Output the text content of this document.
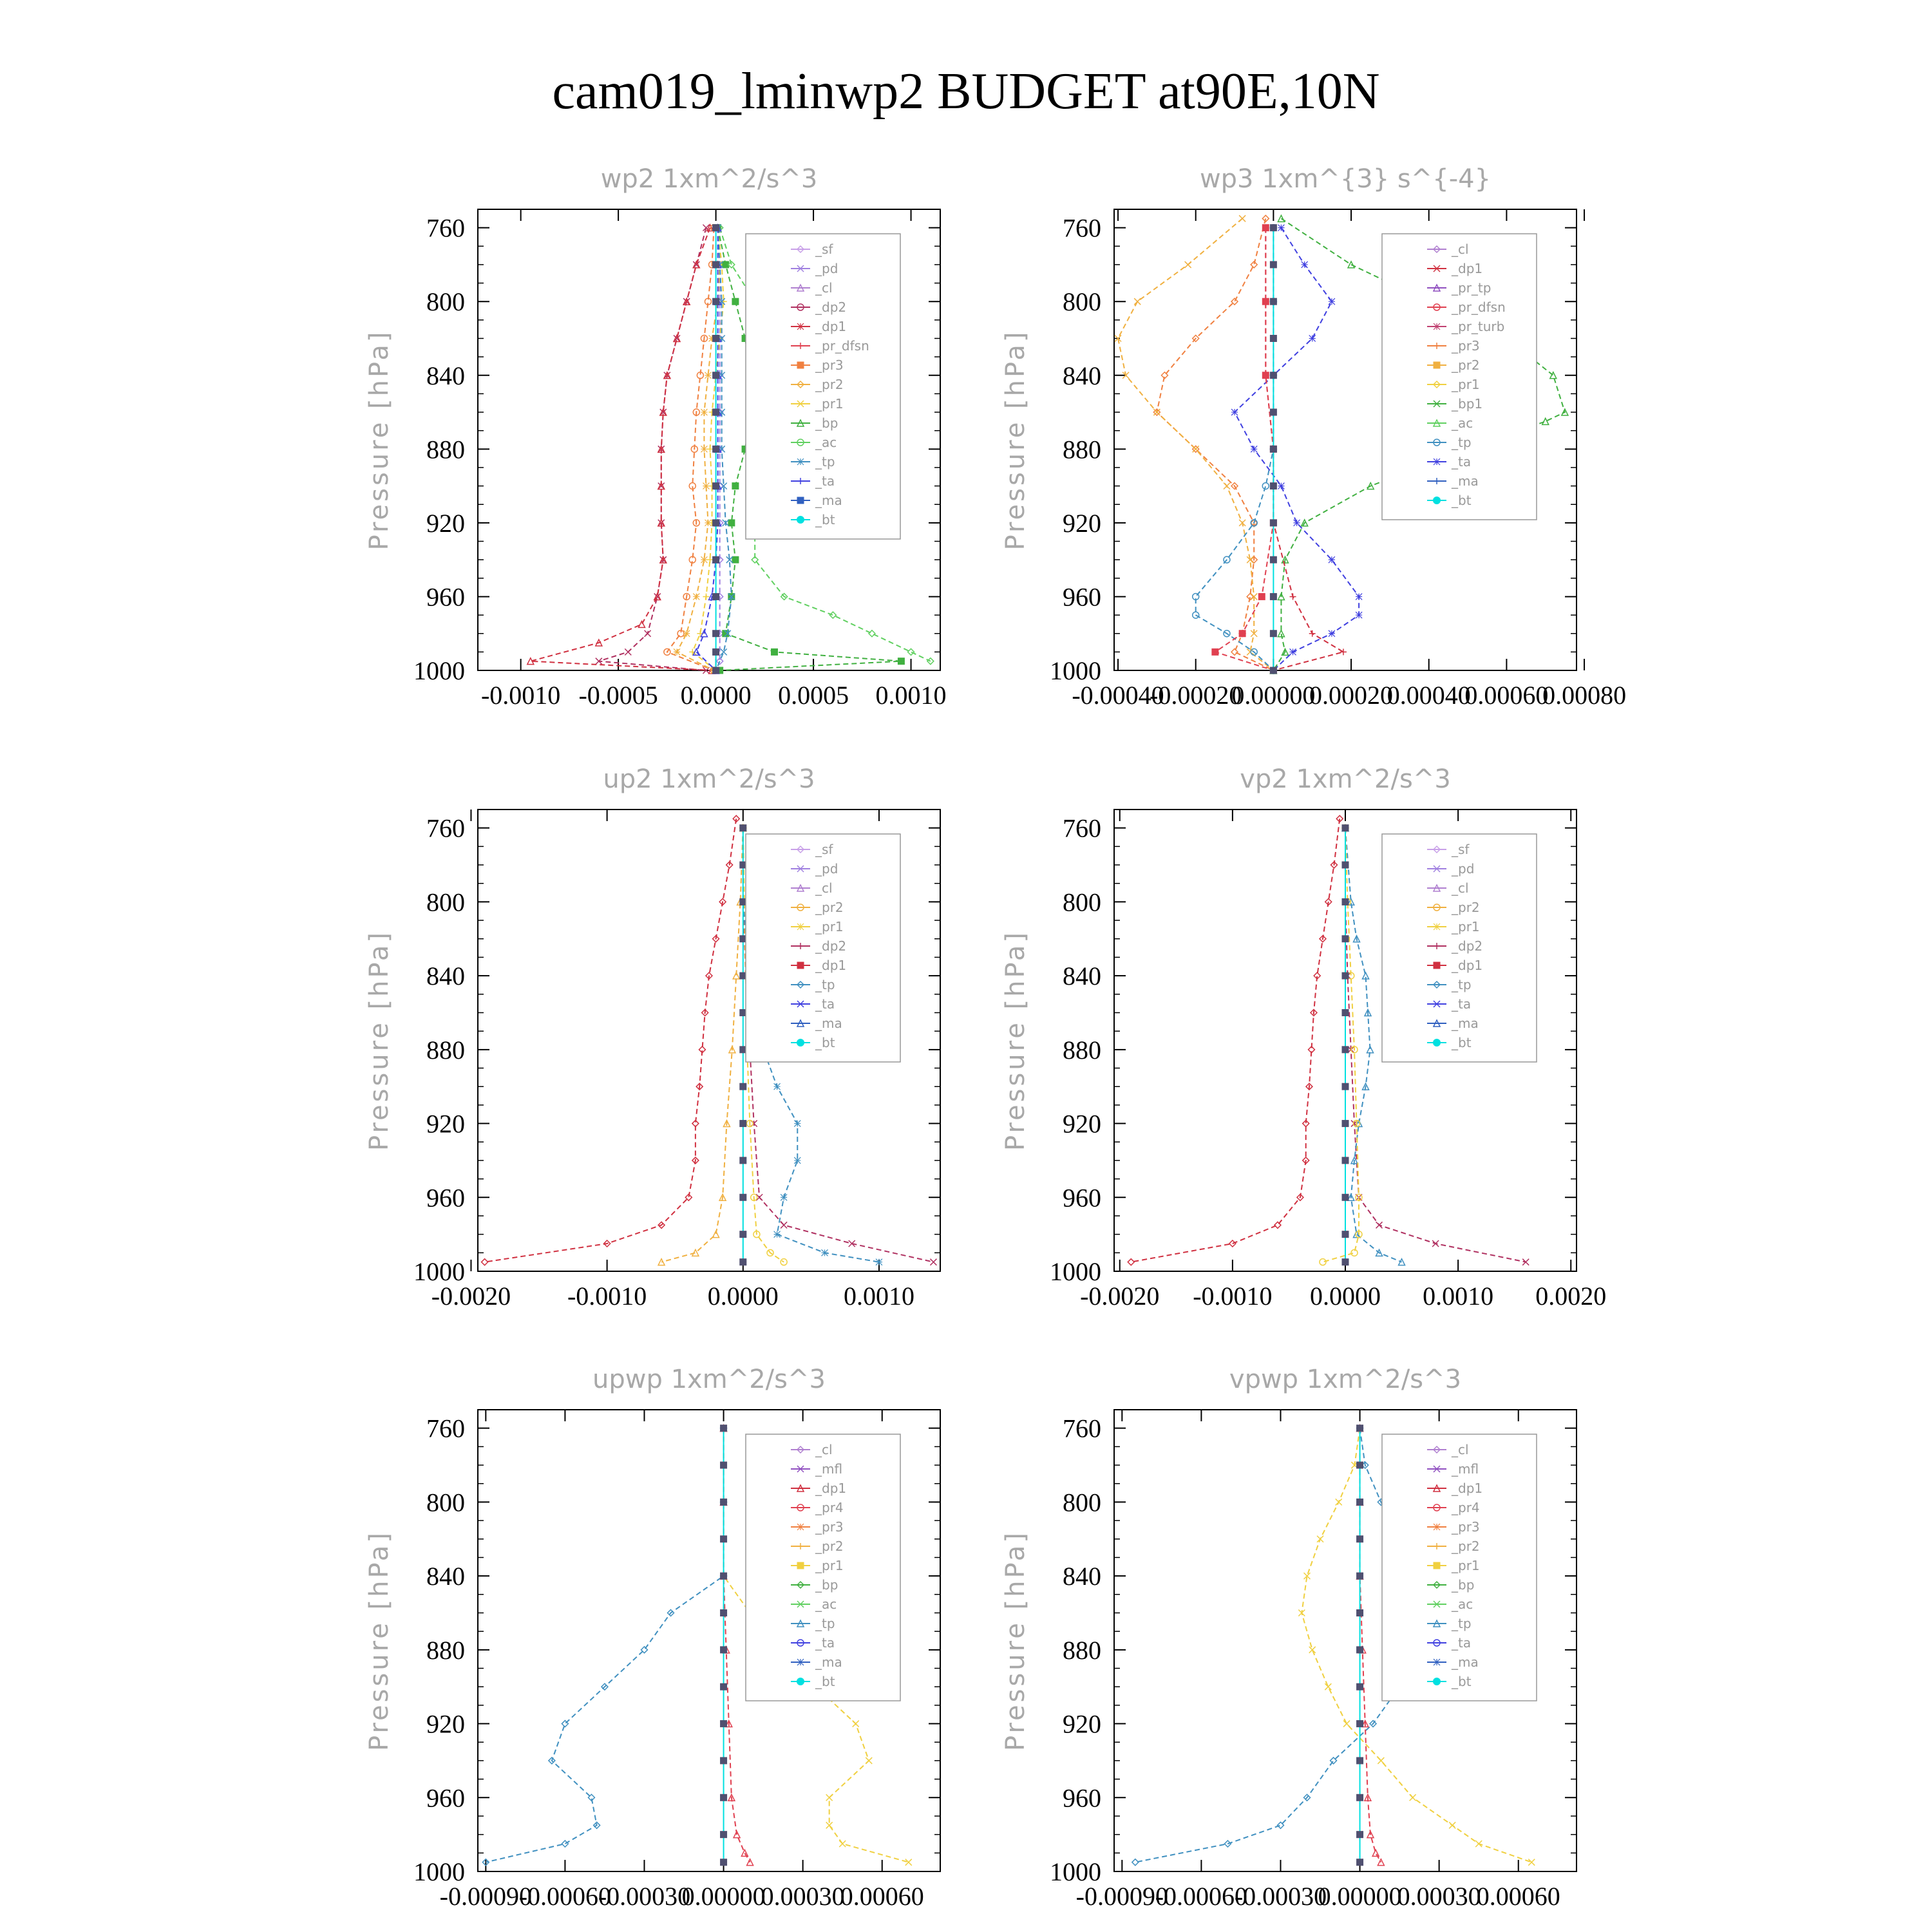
cam019_lminwp2 BUDGET at90E,10N
wp2 1xm^2/s^3
Pressure [hPa]
760
800
840
880
920
960
1000
-0.0010 -0.0005 0.0000 0.0005 0.0010
_sf
_pd
_cl
_dp2
_dp1
_pr_dfsn
_pr3
_pr2
_pr1
_bp
_ac
_tp
_ta
_ma
_bt
wp3 1xm^{3} s^{-4}
Pressure [hPa]
760
800
840
880
920
960
1000
-0.00040
-0.00020
0.00000
0.00020
0.00040
0.00060
0.00080
_cl
_dp1
_pr_tp
_pr_dfsn
_pr_turb
_pr3
_pr2
_pr1
_bp1
_ac
_tp
_ta
_ma
_bt
up2 1xm^2/s^3
Pressure [hPa]
760
800
840
880
920
960
1000
-0.0020 -0.0010 0.0000	0.0010
_sf
_pd
_cl
_pr2
_pr1
_dp2
_dp1
_tp
_ta
_ma
_bt
vp2 1xm^2/s^3
Pressure [hPa]
760
800
840
880
920
960
1000
-0.0020 -0.0010 0.0000 0.0010 0.0020
_sf
_pd
_cl
_pr2
_pr1
_dp2
_dp1
_tp
_ta
_ma
_bt
upwp 1xm^2/s^3
Pressure [hPa]
760
800
840
880
920
960
1000
-0.00090
-0.00060
-0.00030
0.00000
0.00030
0.00060
_cl
_mfl
_dp1
_pr4
_pr3
_pr2
_pr1
_bp
_ac
_tp
_ta
_ma
_bt
vpwp 1xm^2/s^3
Pressure [hPa]
760
800
840
880
920
960
1000
-0.00090
-0.00060
-0.00030
0.00000
0.00030
0.00060
_cl
_mfl
_dp1
_pr4
_pr3
_pr2
_pr1
_bp
_ac
_tp
_ta
_ma
_bt
